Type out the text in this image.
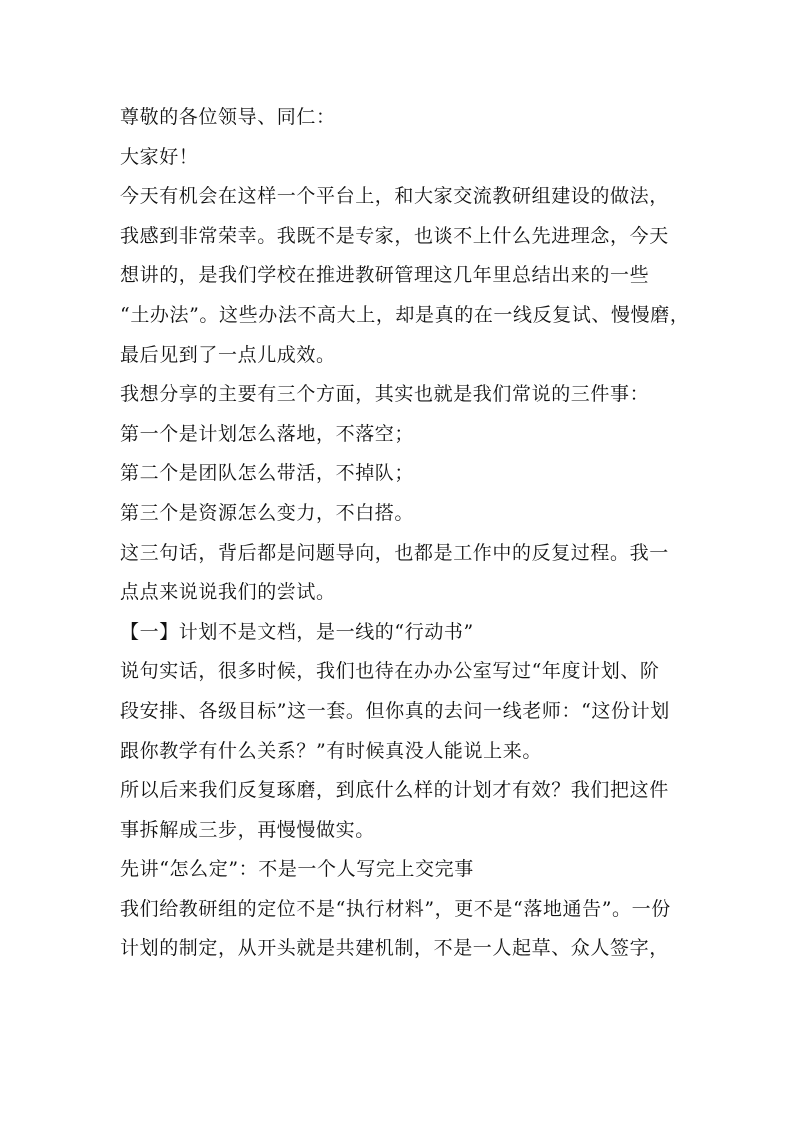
尊敬的各位领导、同仁：

大家好！

今天有机会在这样一个平台上，和大家交流教研组建设的做法，

我感到非常荣幸。我既不是专家，也谈不上什么先进理念，今天

想讲的，是我们学校在推进教研管理这几年里总结出来的一些

“土办法”。这些办法不高大上，却是真的在一线反复试、慢慢磨，

最后见到了一点儿成效。

我想分享的主要有三个方面，其实也就是我们常说的三件事：

第一个是计划怎么落地，不落空；

第二个是团队怎么带活，不掉队；

第三个是资源怎么变力，不白搭。

这三句话，背后都是问题导向，也都是工作中的反复过程。我一

点点来说说我们的尝试。

【一】计划不是文档，是一线的“行动书”

说句实话，很多时候，我们也待在办办公室写过“年度计划、阶

段安排、各级目标”这一套。但你真的去问一线老师：“这份计划

跟你教学有什么关系？”有时候真没人能说上来。

所以后来我们反复琢磨，到底什么样的计划才有效？我们把这件

事拆解成三步，再慢慢做实。

先讲“怎么定”：不是一个人写完上交完事

我们给教研组的定位不是“执行材料”，更不是“落地通告”。一份

计划的制定，从开头就是共建机制，不是一人起草、众人签字，
